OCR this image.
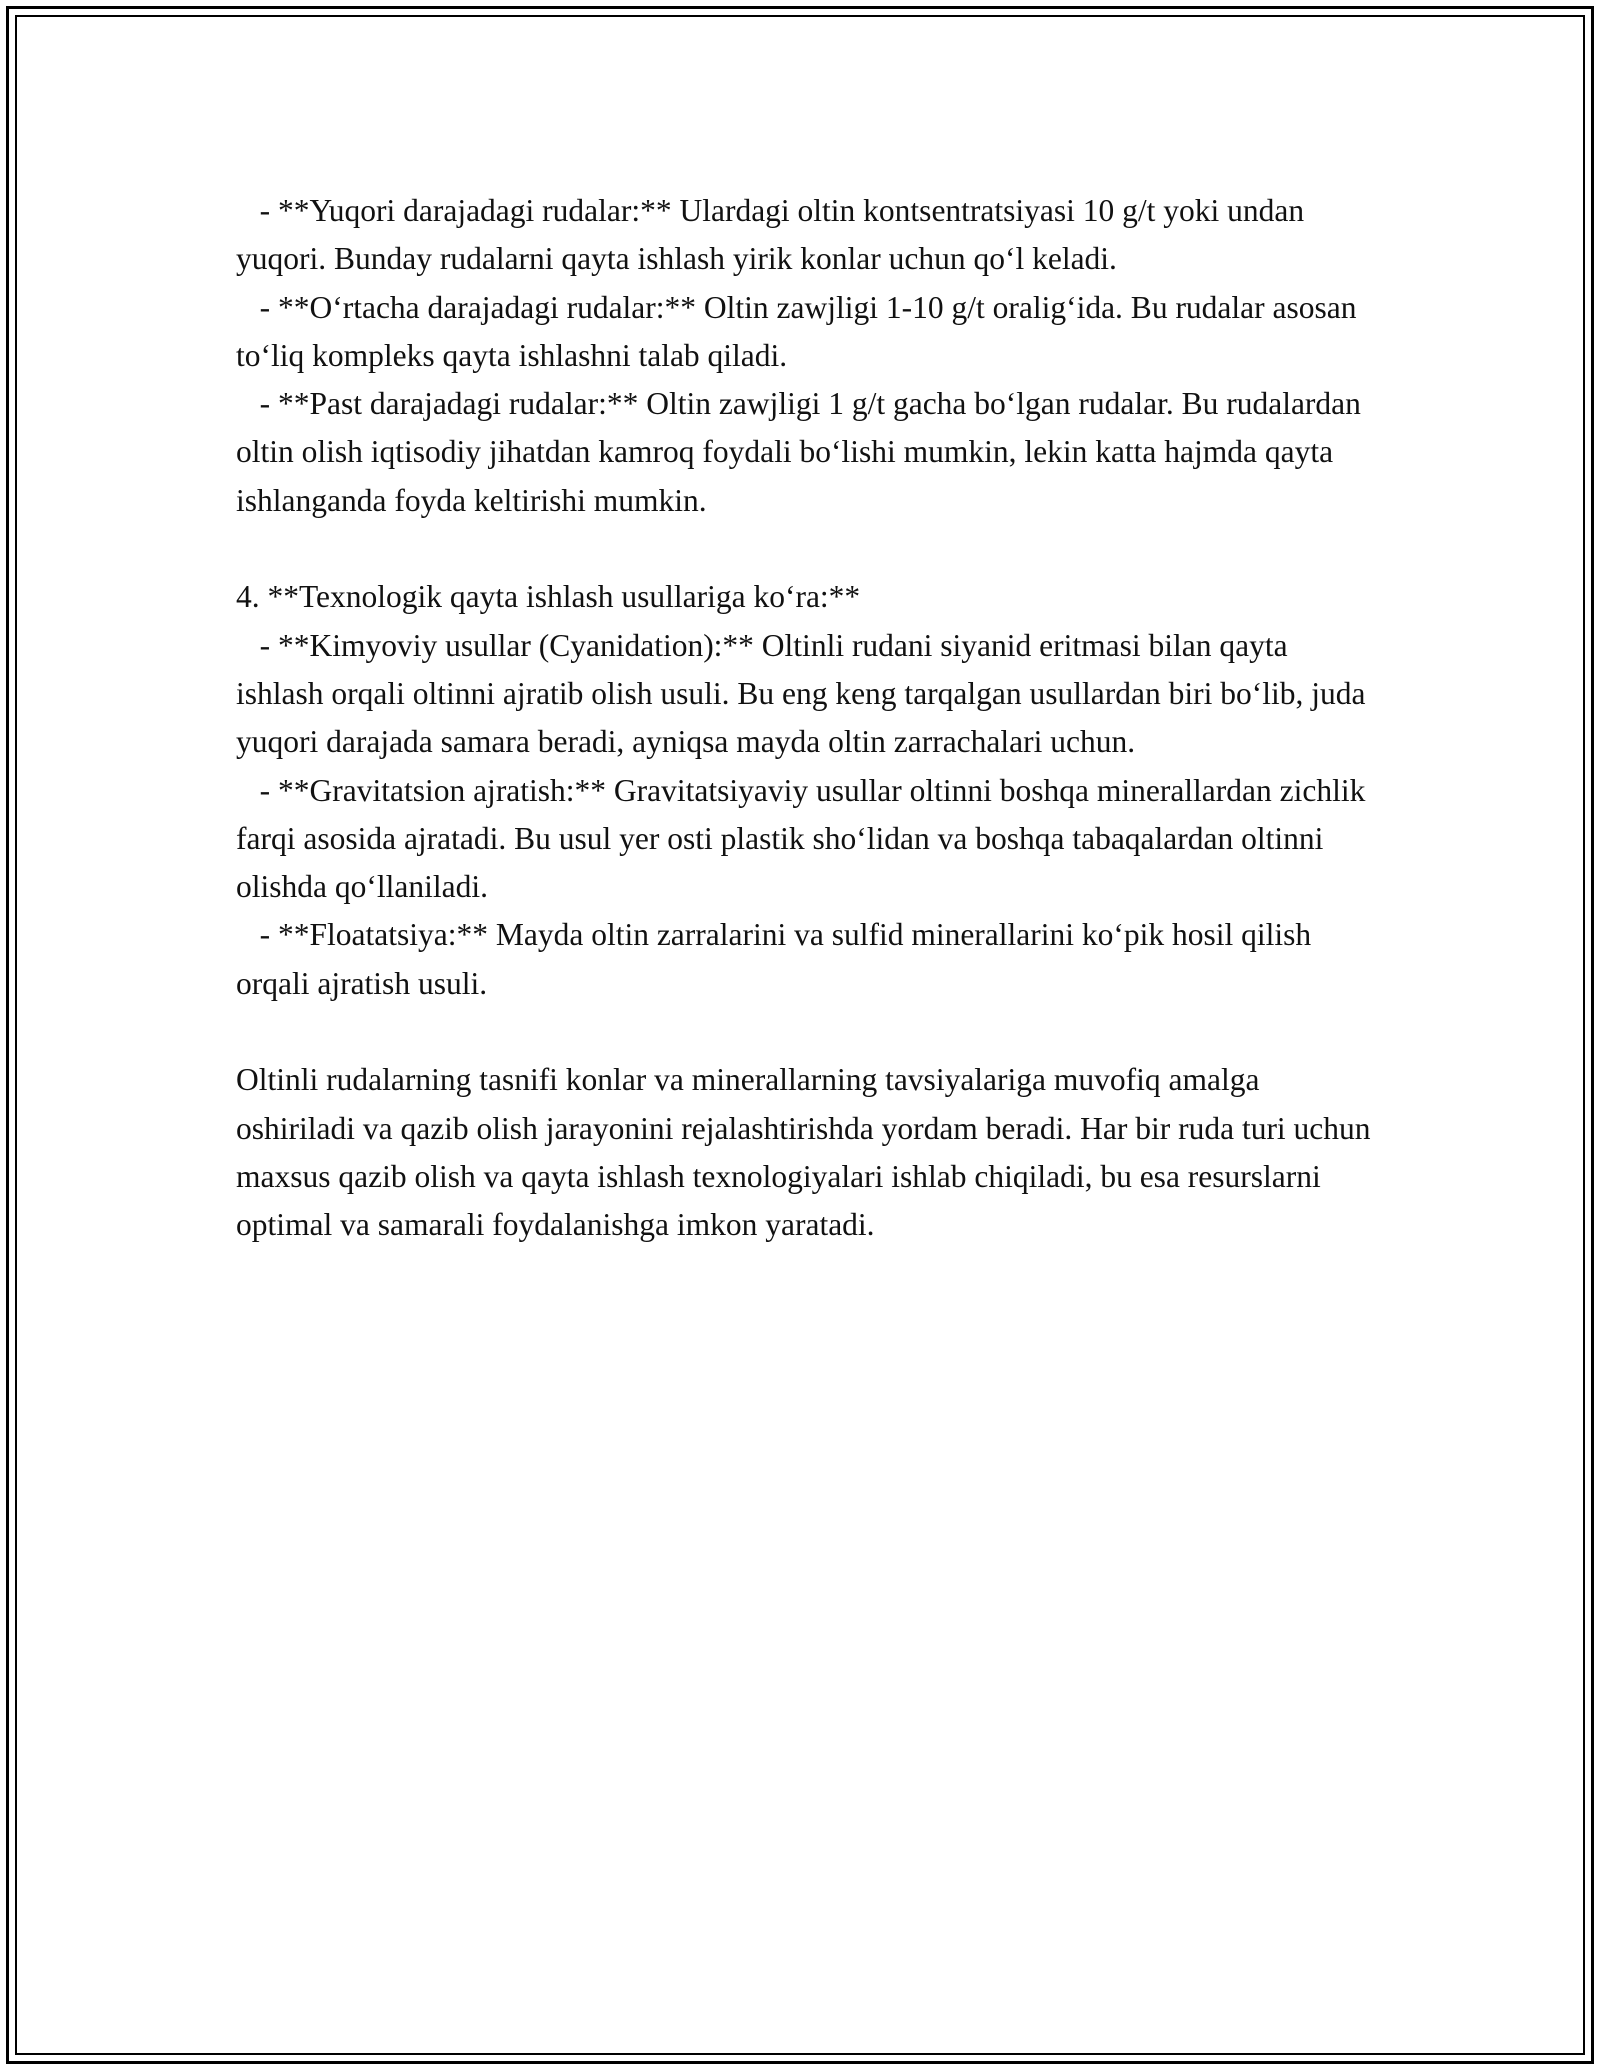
- **Yuqori darajadagi rudalar:** Ulardagi oltin kontsentratsiyasi 10 g/t yoki undan yuqori. Bunday rudalarni qayta ishlash yirik konlar uchun qo‘l keladi.

- **O‘rtacha darajadagi rudalar:** Oltin zawjligi 1-10 g/t oralig‘ida. Bu rudalar asosan to‘liq kompleks qayta ishlashni talab qiladi.

- **Past darajadagi rudalar:** Oltin zawjligi 1 g/t gacha bo‘lgan rudalar. Bu rudalardan oltin olish iqtisodiy jihatdan kamroq foydali bo‘lishi mumkin, lekin katta hajmda qayta ishlanganda foyda keltirishi mumkin.

4. **Texnologik qayta ishlash usullariga ko‘ra:**

- **Kimyoviy usullar (Cyanidation):** Oltinli rudani siyanid eritmasi bilan qayta ishlash orqali oltinni ajratib olish usuli. Bu eng keng tarqalgan usullardan biri bo‘lib, juda yuqori darajada samara beradi, ayniqsa mayda oltin zarrachalari uchun.

- **Gravitatsion ajratish:** Gravitatsiyaviy usullar oltinni boshqa minerallardan zichlik farqi asosida ajratadi. Bu usul yer osti plastik sho‘lidan va boshqa tabaqalardan oltinni olishda qo‘llaniladi.

- **Floatatsiya:** Mayda oltin zarralarini va sulfid minerallarini ko‘pik hosil qilish orqali ajratish usuli.

Oltinli rudalarning tasnifi konlar va minerallarning tavsiyalariga muvofiq amalga oshiriladi va qazib olish jarayonini rejalashtirishda yordam beradi. Har bir ruda turi uchun maxsus qazib olish va qayta ishlash texnologiyalari ishlab chiqiladi, bu esa resurslarni optimal va samarali foydalanishga imkon yaratadi.
